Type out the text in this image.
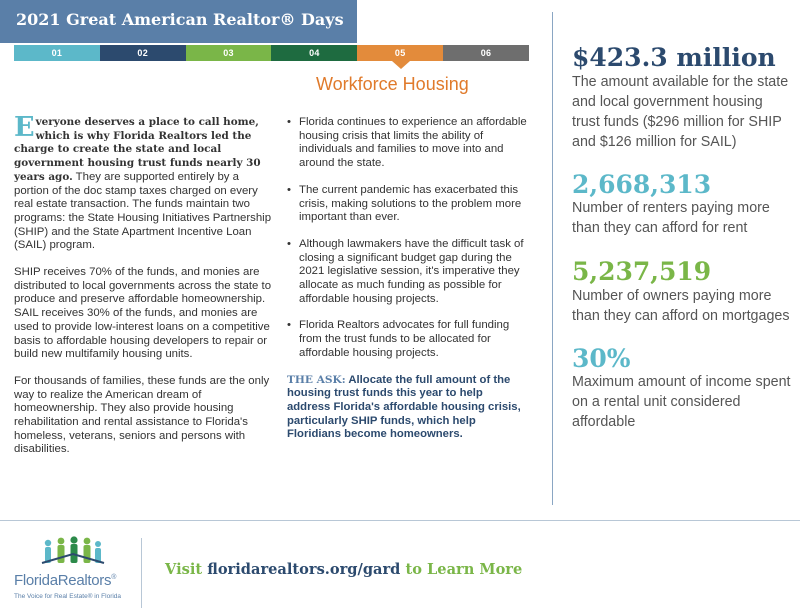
2021 Great American Realtor® Days
01	02	03	04	05	06
Workforce Housing

Everyone deserves a place to call home, which is why Florida Realtors led the charge to create the state and local government housing trust funds nearly 30 years ago. They are supported entirely by a portion of the doc stamp taxes charged on every real estate transaction. The funds maintain two programs: the State Housing Initiatives Partnership (SHIP) and the State Apartment Incentive Loan (SAIL) program.

SHIP receives 70% of the funds, and monies are distributed to local governments across the state to produce and preserve affordable homeownership. SAIL receives 30% of the funds, and monies are used to provide low-interest loans on a competitive basis to affordable housing developers to repair or build new multifamily housing units.

For thousands of families, these funds are the only way to realize the American dream of homeownership. They also provide housing rehabilitation and rental assistance to Florida's homeless, veterans, seniors and persons with disabilities.

• Florida continues to experience an affordable housing crisis that limits the ability of individuals and families to move into and around the state.
• The current pandemic has exacerbated this crisis, making solutions to the problem more important than ever.
• Although lawmakers have the difficult task of closing a significant budget gap during the 2021 legislative session, it's imperative they allocate as much funding as possible for affordable housing projects.
• Florida Realtors advocates for full funding from the trust funds to be allocated for affordable housing projects.

THE ASK: Allocate the full amount of the housing trust funds this year to help address Florida's affordable housing crisis, particularly SHIP funds, which help Floridians become homeowners.

$423.3 million
The amount available for the state and local government housing trust funds ($296 million for SHIP and $126 million for SAIL)
2,668,313
Number of renters paying more than they can afford for rent
5,237,519
Number of owners paying more than they can afford on mortgages
30%
Maximum amount of income spent on a rental unit considered affordable
FloridaRealtors®
The Voice for Real Estate® in Florida
Visit floridarealtors.org/gard to Learn More
